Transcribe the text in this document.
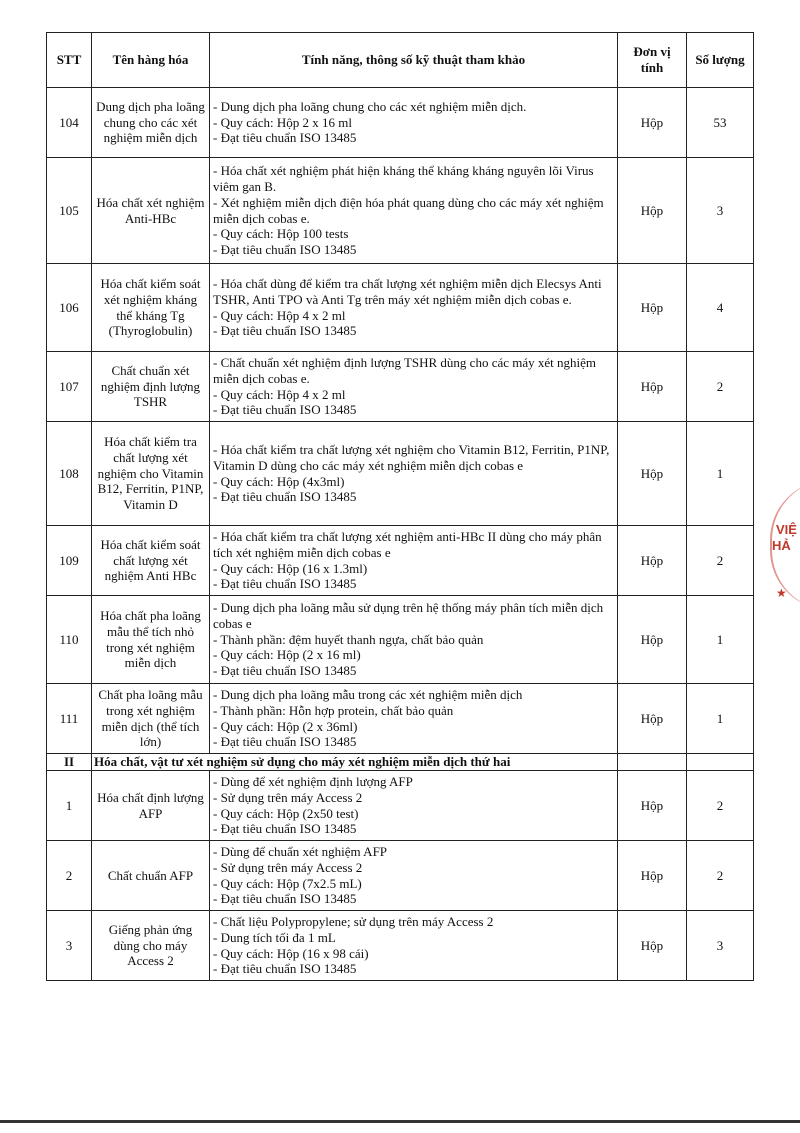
STT	Tên hàng hóa	Tính năng, thông số kỹ thuật tham khảo	Đơn vị tính	Số lượng
104	Dung dịch pha loãng chung cho các xét nghiệm miễn dịch	- Dung dịch pha loãng chung cho các xét nghiệm miễn dịch.
- Quy cách: Hộp 2 x 16 ml
- Đạt tiêu chuẩn ISO 13485	Hộp	53
105	Hóa chất xét nghiệm Anti-HBc	- Hóa chất xét nghiệm phát hiện kháng thể kháng kháng nguyên lõi Virus viêm gan B.
- Xét nghiệm miễn dịch điện hóa phát quang dùng cho các máy xét nghiệm miễn dịch cobas e.
- Quy cách: Hộp 100 tests
- Đạt tiêu chuẩn ISO 13485	Hộp	3
106	Hóa chất kiểm soát xét nghiệm kháng thể kháng Tg (Thyroglobulin)	- Hóa chất dùng để kiểm tra chất lượng xét nghiệm miễn dịch Elecsys Anti TSHR, Anti TPO và Anti Tg trên máy xét nghiệm miễn dịch cobas e.
- Quy cách: Hộp 4 x 2 ml
- Đạt tiêu chuẩn ISO 13485	Hộp	4
107	Chất chuẩn xét nghiệm định lượng TSHR	- Chất chuẩn xét nghiệm định lượng TSHR dùng cho các máy xét nghiệm miễn dịch cobas e.
- Quy cách: Hộp 4 x 2 ml
- Đạt tiêu chuẩn ISO 13485	Hộp	2
108	Hóa chất kiểm tra chất lượng xét nghiệm cho Vitamin B12, Ferritin, P1NP, Vitamin D	- Hóa chất kiểm tra chất lượng xét nghiệm cho Vitamin B12, Ferritin, P1NP, Vitamin D dùng cho các máy xét nghiệm miễn dịch cobas e
- Quy cách: Hộp (4x3ml)
- Đạt tiêu chuẩn ISO 13485	Hộp	1
109	Hóa chất kiểm soát chất lượng xét nghiệm Anti HBc	- Hóa chất kiểm tra chất lượng xét nghiệm anti-HBc II dùng cho máy phân tích xét nghiệm miễn dịch cobas e
- Quy cách: Hộp (16 x 1.3ml)
- Đạt tiêu chuẩn ISO 13485	Hộp	2
110	Hóa chất pha loãng mẫu thể tích nhỏ trong xét nghiệm miễn dịch	- Dung dịch pha loãng mẫu sử dụng trên hệ thống máy phân tích miễn dịch cobas e
- Thành phần: đệm huyết thanh ngựa, chất bảo quản
- Quy cách: Hộp (2 x 16 ml)
- Đạt tiêu chuẩn ISO 13485	Hộp	1
111	Chất pha loãng mẫu trong xét nghiệm miễn dịch (thể tích lớn)	- Dung dịch pha loãng mẫu trong các xét nghiệm miễn dịch
- Thành phần: Hỗn hợp protein, chất bảo quản
- Quy cách: Hộp (2 x 36ml)
- Đạt tiêu chuẩn ISO 13485	Hộp	1
II	Hóa chất, vật tư xét nghiệm sử dụng cho máy xét nghiệm miễn dịch thứ hai			
1	Hóa chất định lượng AFP	- Dùng để xét nghiệm định lượng AFP
- Sử dụng trên máy Access 2
- Quy cách: Hộp (2x50 test)
- Đạt tiêu chuẩn ISO 13485	Hộp	2
2	Chất chuẩn AFP	- Dùng để chuẩn xét nghiệm AFP
- Sử dụng trên máy Access 2
- Quy cách: Hộp (7x2.5 mL)
- Đạt tiêu chuẩn ISO 13485	Hộp	2
3	Giếng phản ứng dùng cho máy Access 2	- Chất liệu Polypropylene; sử dụng trên máy Access 2
- Dung tích tối đa 1 mL
- Quy cách: Hộp (16 x 98 cái)
- Đạt tiêu chuẩn ISO 13485	Hộp	3
VIỆ
HẢ
★
